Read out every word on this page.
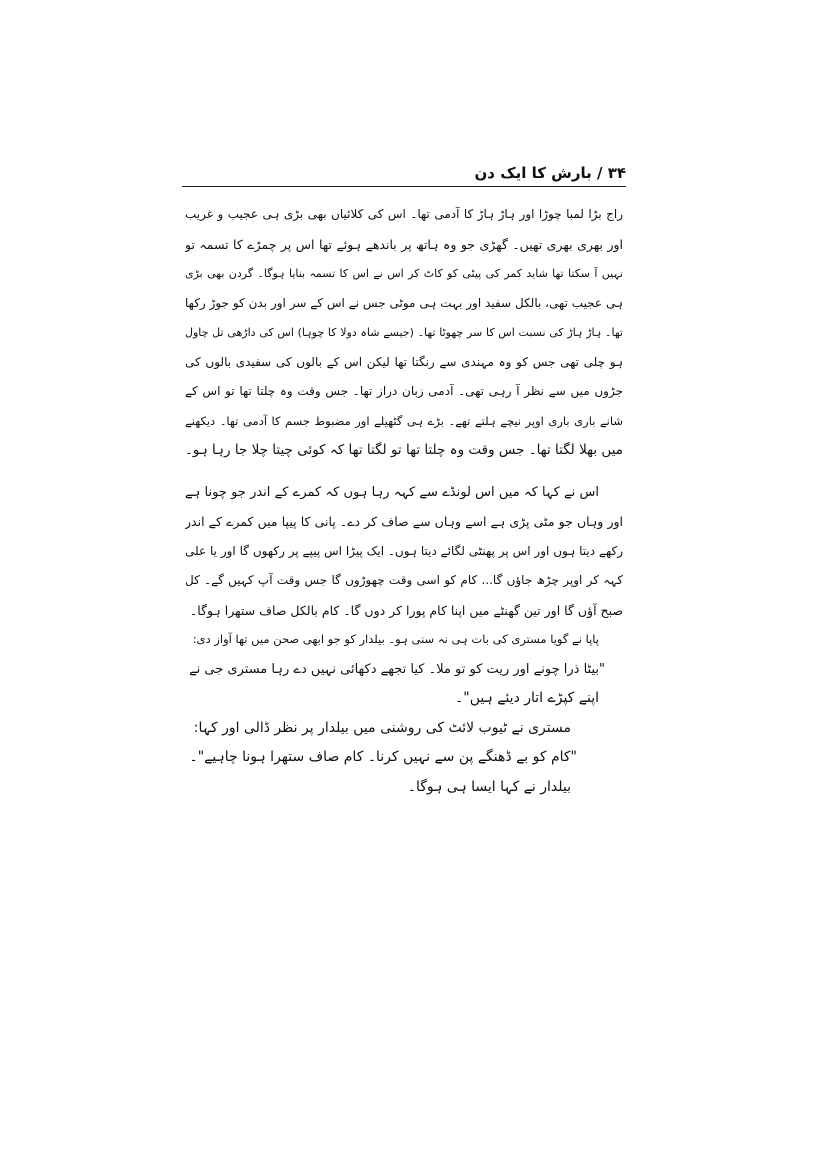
۳۴ / بارش کا ایک دن
راج بڑا لمبا چوڑا اور ہاڑ ہاڑ کا آدمی تھا۔ اس کی کلائیاں بھی بڑی ہی عجیب و غریب
اور بھری بھری تھیں۔ گھڑی جو وہ ہاتھ پر باندھے ہوئے تھا اس پر چمڑے کا تسمہ تو
نہیں آ سکتا تھا شاید کمر کی پیٹی کو کاٹ کر اس نے اس کا تسمہ بنایا ہوگا۔ گردن بھی بڑی
ہی عجیب تھی، بالکل سفید اور بہت ہی موٹی جس نے اس کے سر اور بدن کو جوڑ رکھا
تھا۔ ہاڑ ہاڑ کی نسبت اس کا سر چھوٹا تھا۔ (جیسے شاہ دولا کا چوہا) اس کی داڑھی تل چاول
ہو چلی تھی جس کو وہ مہندی سے رنگتا تھا لیکن اس کے بالوں کی سفیدی بالوں کی
جڑوں میں سے نظر آ رہی تھی۔ آدمی زبان دراز تھا۔ جس وقت وہ چلتا تھا تو اس کے
شانے باری باری اوپر نیچے ہلتے تھے۔ بڑے ہی گٹھیلے اور مضبوط جسم کا آدمی تھا۔ دیکھنے
میں بھلا لگتا تھا۔ جس وقت وہ چلتا تھا تو لگتا تھا کہ کوئی چیتا چلا جا رہا ہو۔
اس نے کہا کہ میں اس لونڈے سے کہہ رہا ہوں کہ کمرے کے اندر جو چونا ہے
اور وہاں جو مٹی پڑی ہے اسے وہاں سے صاف کر دے۔ پانی کا پیپا میں کمرے کے اندر
رکھے دیتا ہوں اور اس پر پھنٹی لگائے دیتا ہوں۔ ایک پیڑا اس پیپے پر رکھوں گا اور یا علی
کہہ کر اوپر چڑھ جاؤں گا... کام کو اسی وقت چھوڑوں گا جس وقت آپ کہیں گے۔ کل
صبح آؤں گا اور تین گھنٹے میں اپنا کام پورا کر دوں گا۔ کام بالکل صاف ستھرا ہوگا۔
پاپا نے گویا مستری کی بات ہی نہ سنی ہو۔ بیلدار کو جو ابھی صحن میں تھا آواز دی:
"بیٹا ذرا چونے اور ریت کو تو ملا۔ کیا تجھے دکھائی نہیں دے رہا مستری جی نے
اپنے کپڑے اتار دیئے ہیں"۔
مستری نے ٹیوب لائٹ کی روشنی میں بیلدار پر نظر ڈالی اور کہا:
"کام کو بے ڈھنگے پن سے نہیں کرنا۔ کام صاف ستھرا ہونا چاہیے"۔
بیلدار نے کہا ایسا ہی ہوگا۔
